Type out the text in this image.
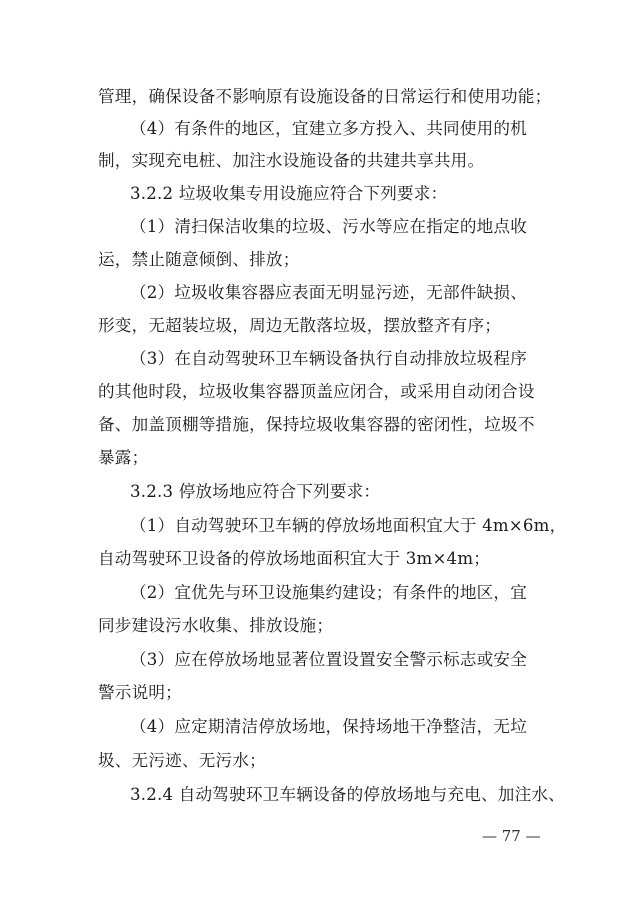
管理，确保设备不影响原有设施设备的日常运行和使用功能；
（4）有条件的地区，宜建立多方投入、共同使用的机
制，实现充电桩、加注水设施设备的共建共享共用。
3.2.2 垃圾收集专用设施应符合下列要求：
（1）清扫保洁收集的垃圾、污水等应在指定的地点收
运，禁止随意倾倒、排放；
（2）垃圾收集容器应表面无明显污迹，无部件缺损、
形变，无超装垃圾，周边无散落垃圾，摆放整齐有序；
（3）在自动驾驶环卫车辆设备执行自动排放垃圾程序
的其他时段，垃圾收集容器顶盖应闭合，或采用自动闭合设
备、加盖顶棚等措施，保持垃圾收集容器的密闭性，垃圾不
暴露；
3.2.3 停放场地应符合下列要求：
（1）自动驾驶环卫车辆的停放场地面积宜大于 4m×6m，
自动驾驶环卫设备的停放场地面积宜大于 3m×4m；
（2）宜优先与环卫设施集约建设；有条件的地区，宜
同步建设污水收集、排放设施；
（3）应在停放场地显著位置设置安全警示标志或安全
警示说明；
（4）应定期清洁停放场地，保持场地干净整洁，无垃
圾、无污迹、无污水；
3.2.4 自动驾驶环卫车辆设备的停放场地与充电、加注水、
— 77 —
